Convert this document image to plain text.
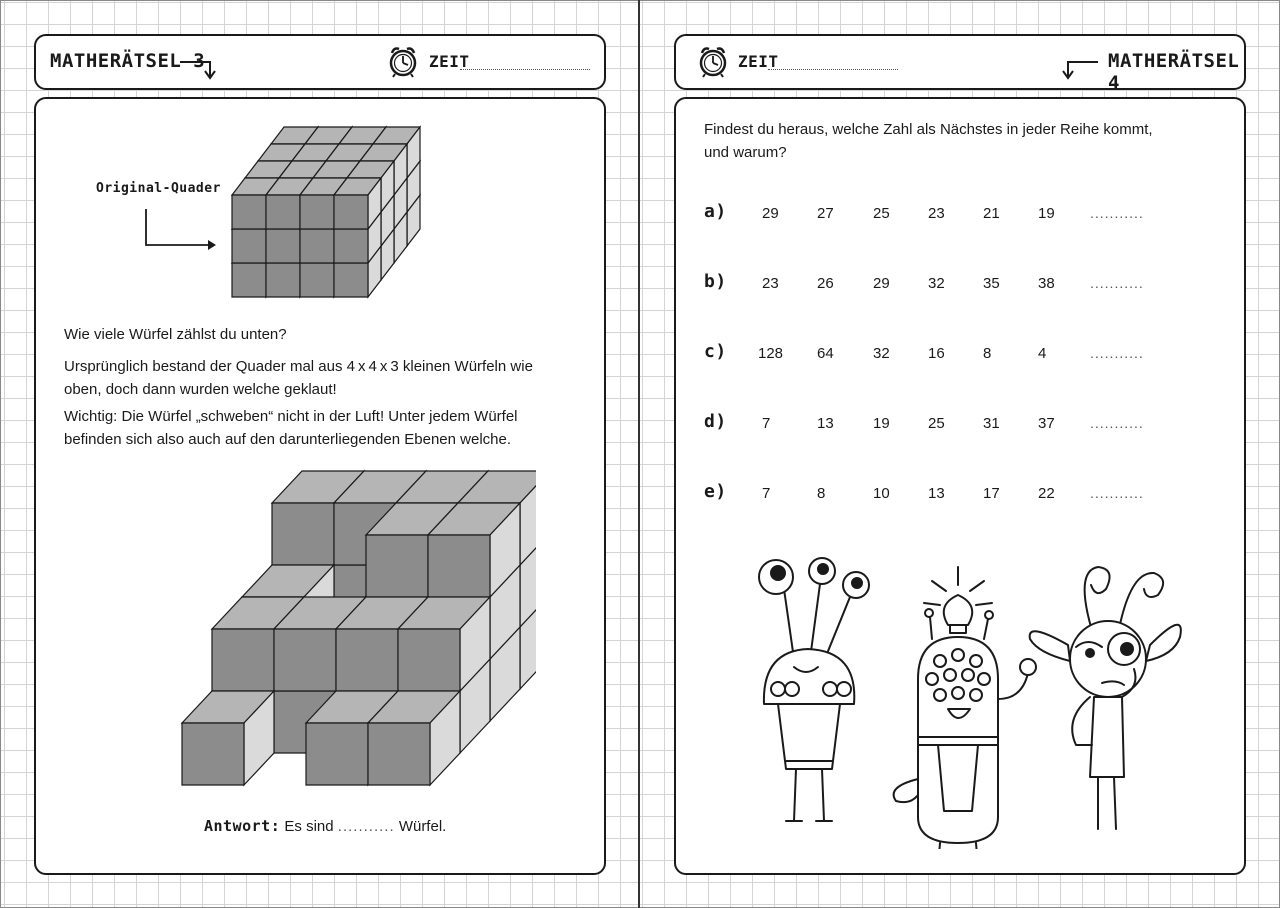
MATHERÄTSEL 3	ZEIT
Original-Quader
Wie viele Würfel zählst du unten?
Ursprünglich bestand der Quader mal aus 4 x 4 x 3 kleinen Würfeln wie
oben, doch dann wurden welche geklaut!
Wichtig: Die Würfel „schweben“ nicht in der Luft! Unter jedem Würfel
befinden sich also auch auf den darunterliegenden Ebenen welche.
Antwort: Es sind ........... Würfel.
ZEIT	MATHERÄTSEL 4
Findest du heraus, welche Zahl als Nächstes in jeder Reihe kommt,
und warum?
a) 29	27	25	23	21	19	...........
b) 23	26	29	32	35	38	...........
c) 128 64	32	16	8	4	...........
d) 7	13	19	25	31	37	...........
e) 7	8	10	13	17	22	...........
